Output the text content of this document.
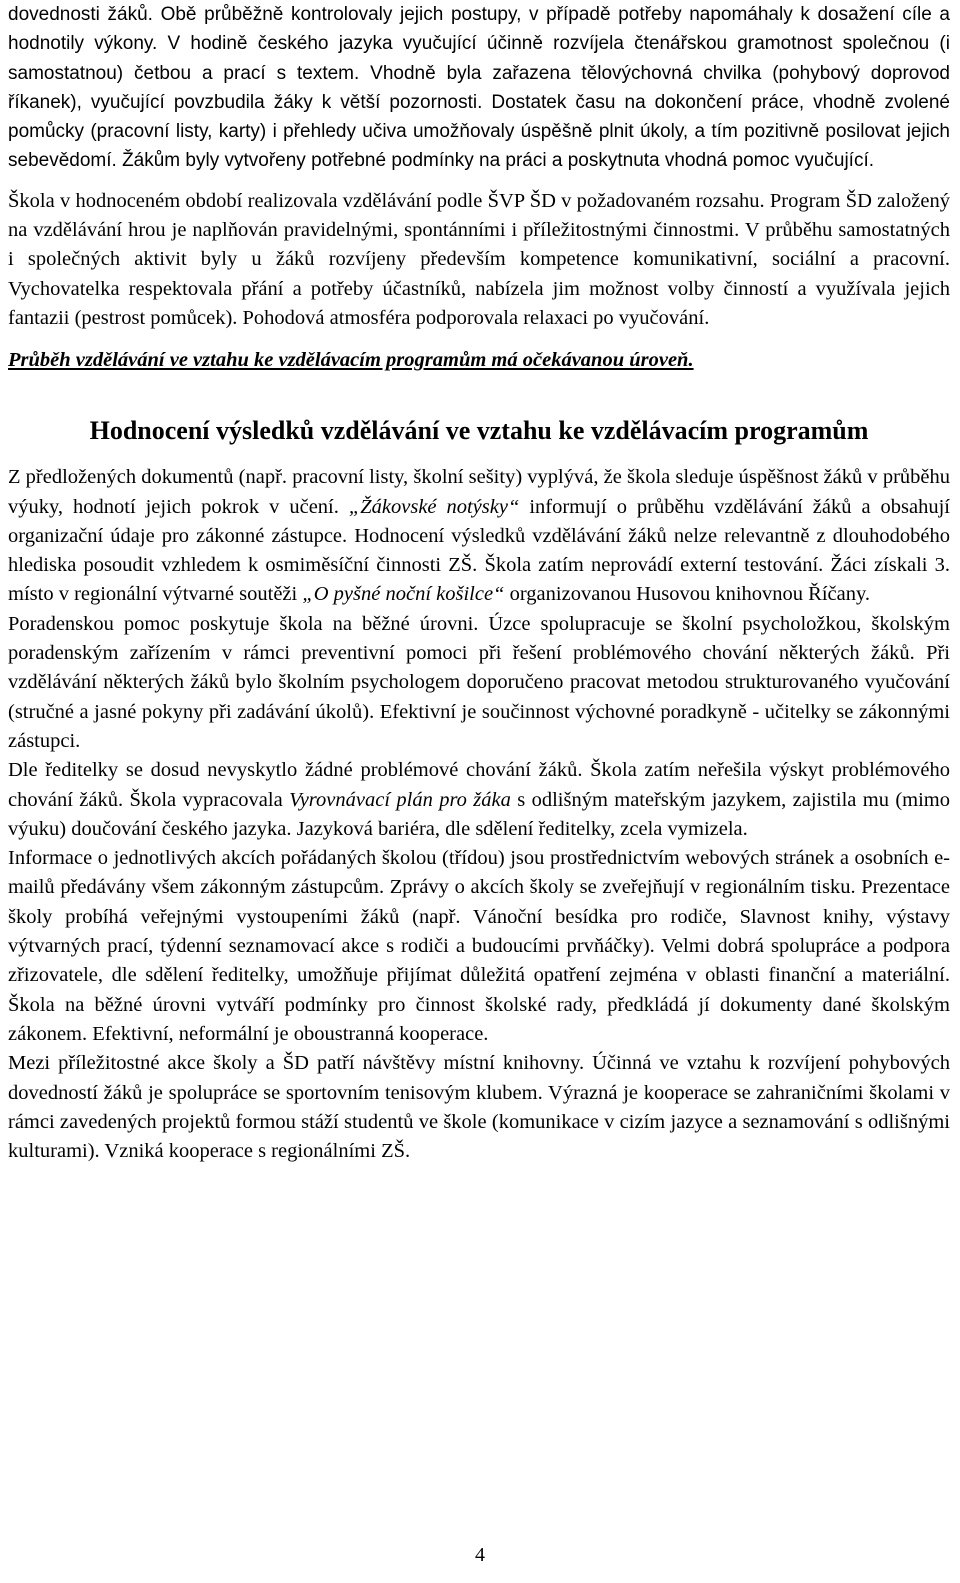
dovednosti žáků. Obě průběžně kontrolovaly jejich postupy, v případě potřeby napomáhaly k dosažení cíle a hodnotily výkony. V hodině českého jazyka vyučující účinně rozvíjela čtenářskou gramotnost společnou (i samostatnou) četbou a prací s textem. Vhodně byla zařazena tělovýchovná chvilka (pohybový doprovod říkanek), vyučující povzbudila žáky k větší pozornosti. Dostatek času na dokončení práce, vhodně zvolené pomůcky (pracovní listy, karty) i přehledy učiva umožňovaly úspěšně plnit úkoly, a tím pozitivně posilovat jejich sebevědomí. Žákům byly vytvořeny potřebné podmínky na práci a poskytnuta vhodná pomoc vyučující.

Škola v hodnoceném období realizovala vzdělávání podle ŠVP ŠD v požadovaném rozsahu. Program ŠD založený na vzdělávání hrou je naplňován pravidelnými, spontánními i příležitostnými činnostmi. V průběhu samostatných i společných aktivit byly u žáků rozvíjeny především kompetence komunikativní, sociální a pracovní. Vychovatelka respektovala přání a potřeby účastníků, nabízela jim možnost volby činností a využívala jejich fantazii (pestrost pomůcek). Pohodová atmosféra podporovala relaxaci po vyučování.

Průběh vzdělávání ve vztahu ke vzdělávacím programům má očekávanou úroveň.

Hodnocení výsledků vzdělávání ve vztahu ke vzdělávacím programům

Z předložených dokumentů (např. pracovní listy, školní sešity) vyplývá, že škola sleduje úspěšnost žáků v průběhu výuky, hodnotí jejich pokrok v učení. „Žákovské notýsky“ informují o průběhu vzdělávání žáků a obsahují organizační údaje pro zákonné zástupce. Hodnocení výsledků vzdělávání žáků nelze relevantně z dlouhodobého hlediska posoudit vzhledem k osmiměsíční činnosti ZŠ. Škola zatím neprovádí externí testování. Žáci získali 3. místo v regionální výtvarné soutěži „O pyšné noční košilce“ organizovanou Husovou knihovnou Říčany.

Poradenskou pomoc poskytuje škola na běžné úrovni. Úzce spolupracuje se školní psycholožkou, školským poradenským zařízením v rámci preventivní pomoci při řešení problémového chování některých žáků. Při vzdělávání některých žáků bylo školním psychologem doporučeno pracovat metodou strukturovaného vyučování (stručné a jasné pokyny při zadávání úkolů). Efektivní je součinnost výchovné poradkyně - učitelky se zákonnými zástupci.

Dle ředitelky se dosud nevyskytlo žádné problémové chování žáků. Škola zatím neřešila výskyt problémového chování žáků. Škola vypracovala Vyrovnávací plán pro žáka s odlišným mateřským jazykem, zajistila mu (mimo výuku) doučování českého jazyka. Jazyková bariéra, dle sdělení ředitelky, zcela vymizela.

Informace o jednotlivých akcích pořádaných školou (třídou) jsou prostřednictvím webových stránek a osobních e-mailů předávány všem zákonným zástupcům. Zprávy o akcích školy se zveřejňují v regionálním tisku. Prezentace školy probíhá veřejnými vystoupeními žáků (např. Vánoční besídka pro rodiče, Slavnost knihy, výstavy výtvarných prací, týdenní seznamovací akce s rodiči a budoucími prvňáčky). Velmi dobrá spolupráce a podpora zřizovatele, dle sdělení ředitelky, umožňuje přijímat důležitá opatření zejména v oblasti finanční a materiální. Škola na běžné úrovni vytváří podmínky pro činnost školské rady, předkládá jí dokumenty dané školským zákonem. Efektivní, neformální je oboustranná kooperace.

Mezi příležitostné akce školy a ŠD patří návštěvy místní knihovny. Účinná ve vztahu k rozvíjení pohybových dovedností žáků je spolupráce se sportovním tenisovým klubem. Výrazná je kooperace se zahraničními školami v rámci zavedených projektů formou stáží studentů ve škole (komunikace v cizím jazyce a seznamování s odlišnými kulturami). Vzniká kooperace s regionálními ZŠ.

4
